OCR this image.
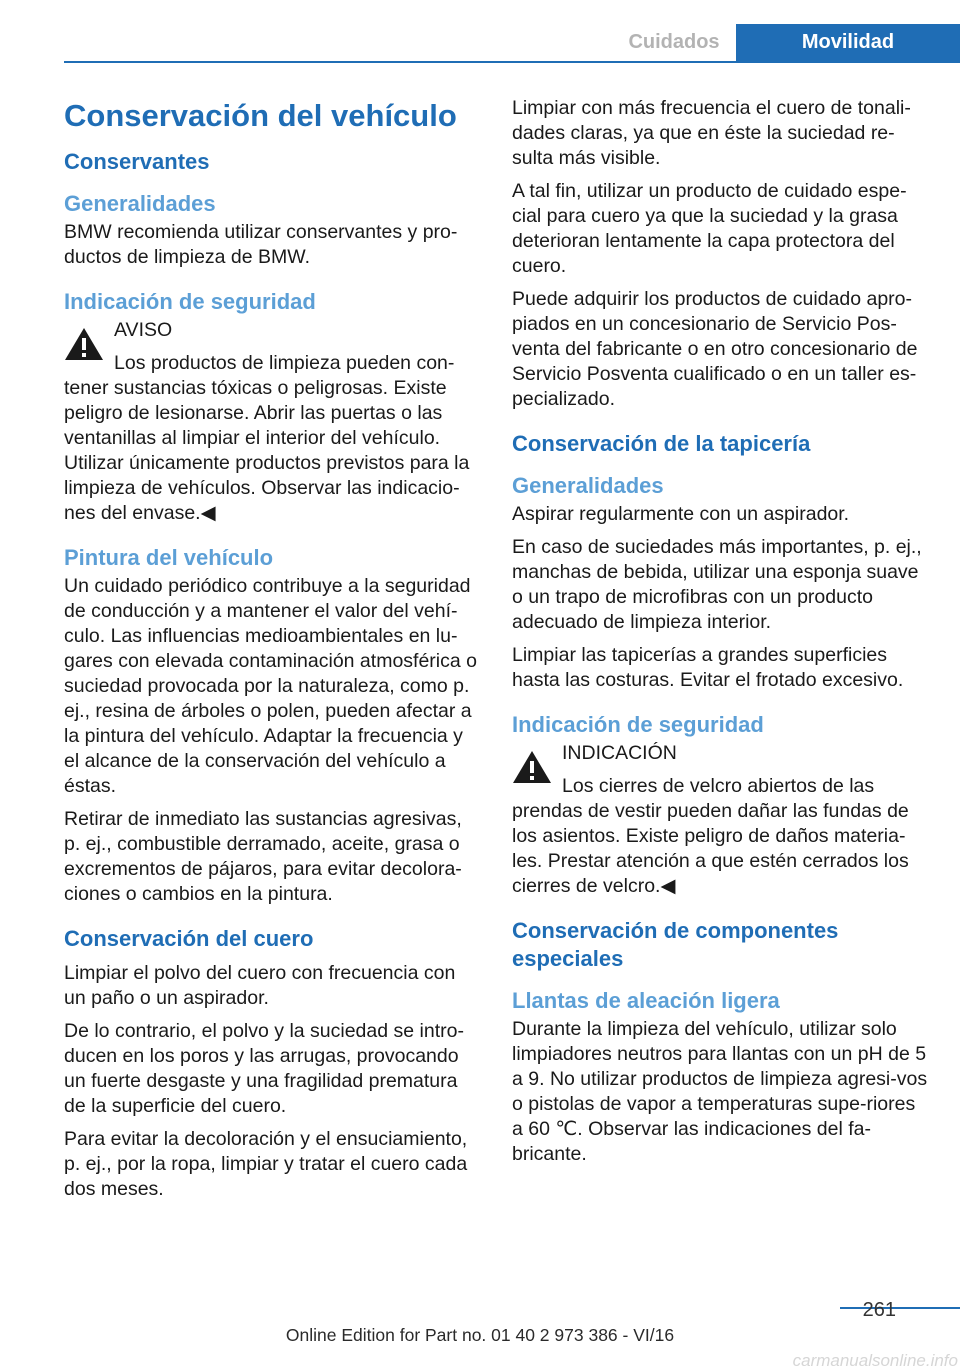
Cuidados	Movilidad
Conservación del vehículo
Conservantes
Generalidades

BMW recomienda utilizar conservantes y pro-ductos de limpieza de BMW.

Indicación de seguridad
AVISO
Los productos de limpieza pueden con-tener sustancias tóxicas o peligrosas. Existe peligro de lesionarse. Abrir las puertas o las ventanillas al limpiar el interior del vehículo. Utilizar únicamente productos previstos para la limpieza de vehículos. Observar las indicacio-nes del envase.◀
Pintura del vehículo

Un cuidado periódico contribuye a la seguridad de conducción y a mantener el valor del vehí-culo. Las influencias medioambientales en lu-gares con elevada contaminación atmosférica o suciedad provocada por la naturaleza, como p. ej., resina de árboles o polen, pueden afectar a la pintura del vehículo. Adaptar la frecuencia y el alcance de la conservación del vehículo a éstas.

Retirar de inmediato las sustancias agresivas, p. ej., combustible derramado, aceite, grasa o excrementos de pájaros, para evitar decolora-ciones o cambios en la pintura.

Conservación del cuero

Limpiar el polvo del cuero con frecuencia con un paño o un aspirador.

De lo contrario, el polvo y la suciedad se intro-ducen en los poros y las arrugas, provocando un fuerte desgaste y una fragilidad prematura de la superficie del cuero.

Para evitar la decoloración y el ensuciamiento, p. ej., por la ropa, limpiar y tratar el cuero cada dos meses.

Limpiar con más frecuencia el cuero de tonali-dades claras, ya que en éste la suciedad re-sulta más visible.

A tal fin, utilizar un producto de cuidado espe-cial para cuero ya que la suciedad y la grasa deterioran lentamente la capa protectora del cuero.

Puede adquirir los productos de cuidado apro-piados en un concesionario de Servicio Pos-venta del fabricante o en otro concesionario de Servicio Posventa cualificado o en un taller es-pecializado.

Conservación de la tapicería
Generalidades

Aspirar regularmente con un aspirador.

En caso de suciedades más importantes, p. ej., manchas de bebida, utilizar una esponja suave o un trapo de microfibras con un producto adecuado de limpieza interior.

Limpiar las tapicerías a grandes superficies hasta las costuras. Evitar el frotado excesivo.

Indicación de seguridad
INDICACIÓN
Los cierres de velcro abiertos de las prendas de vestir pueden dañar las fundas de los asientos. Existe peligro de daños materia-les. Prestar atención a que estén cerrados los cierres de velcro.◀
Conservación de componentes especiales
Llantas de aleación ligera

Durante la limpieza del vehículo, utilizar solo limpiadores neutros para llantas con un pH de 5 a 9. No utilizar productos de limpieza agresi-vos o pistolas de vapor a temperaturas supe-riores a 60 ℃. Observar las indicaciones del fa-bricante.

261
Online Edition for Part no. 01 40 2 973 386 - VI/16
carmanualsonline.info
